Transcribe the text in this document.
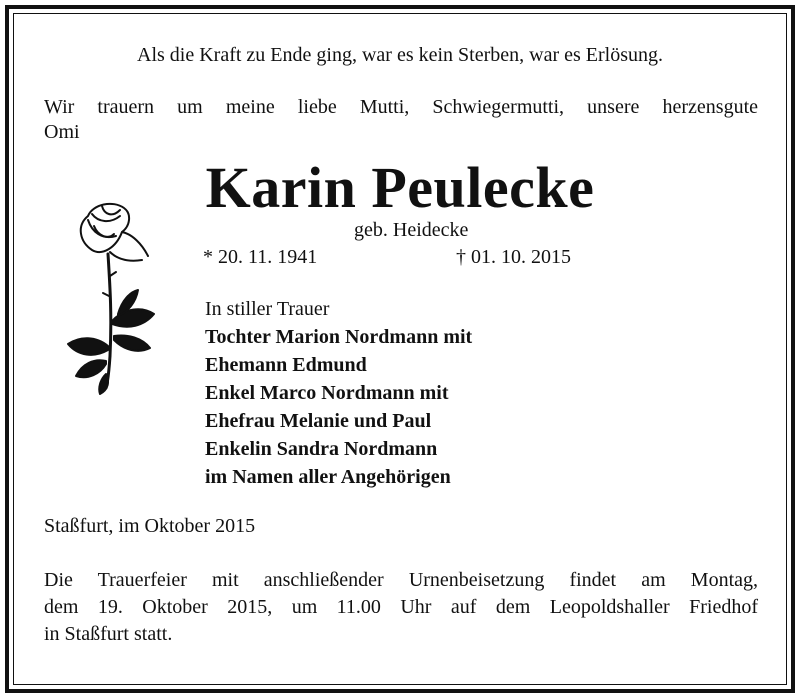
Als die Kraft zu Ende ging, war es kein Sterben, war es Erlösung.
Wir trauern um meine liebe Mutti, Schwiegermutti, unsere herzensgute
Omi
Karin Peulecke
geb. Heidecke
* 20. 11. 1941	† 01. 10. 2015
In stiller Trauer
Tochter Marion Nordmann mit
Ehemann Edmund
Enkel Marco Nordmann mit
Ehefrau Melanie und Paul
Enkelin Sandra Nordmann
im Namen aller Angehörigen
Staßfurt, im Oktober 2015
Die Trauerfeier mit anschließender Urnenbeisetzung findet am Montag,
dem 19. Oktober 2015, um 11.00 Uhr auf dem Leopoldshaller Friedhof
in Staßfurt statt.
